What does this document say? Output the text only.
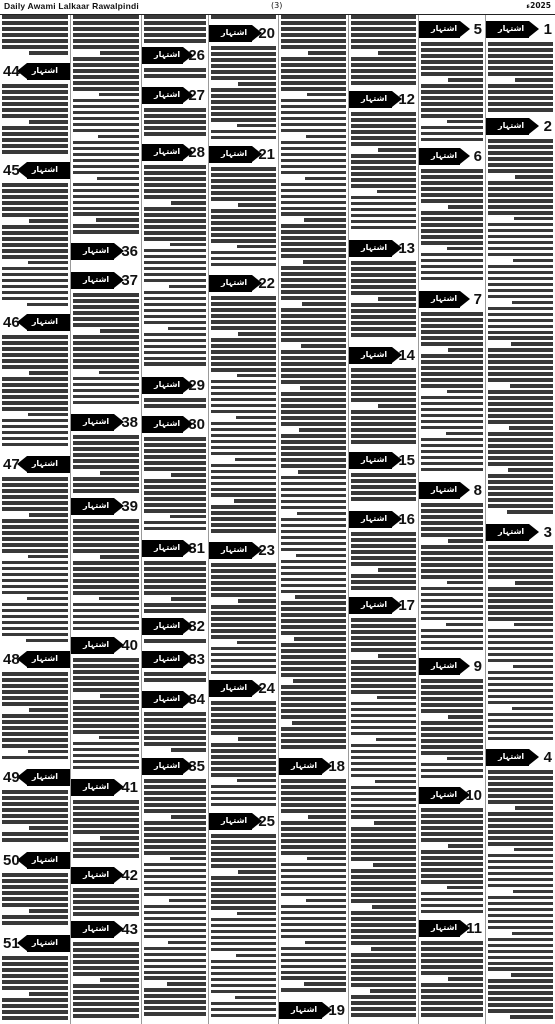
Daily Awami Lalkaar Rawalpindi	(3)	2025ء
اشتہار 1
اشتہار 2
اشتہار 3
اشتہار 4
اشتہار 5
اشتہار 6
اشتہار 7
اشتہار 8
اشتہار 9
اشتہار 10
اشتہار 11
اشتہار 12
اشتہار 13
اشتہار 14
اشتہار 15
اشتہار 16
اشتہار 17
اشتہار 18
اشتہار 19
اشتہار 20
اشتہار 21
اشتہار 22
اشتہار 23
اشتہار 24
اشتہار 25
اشتہار 26
اشتہار 27
اشتہار 28
اشتہار 29
اشتہار 30
اشتہار 31
اشتہار 32
اشتہار 33
اشتہار 34
اشتہار 35
اشتہار 36
اشتہار 37
اشتہار 38
اشتہار 39
اشتہار 40
اشتہار 41
اشتہار 42
اشتہار 43
اشتہار
44
اشتہار
45
اشتہار
46
اشتہار
47
اشتہار
48
اشتہار
49
اشتہار
50
اشتہار
51
